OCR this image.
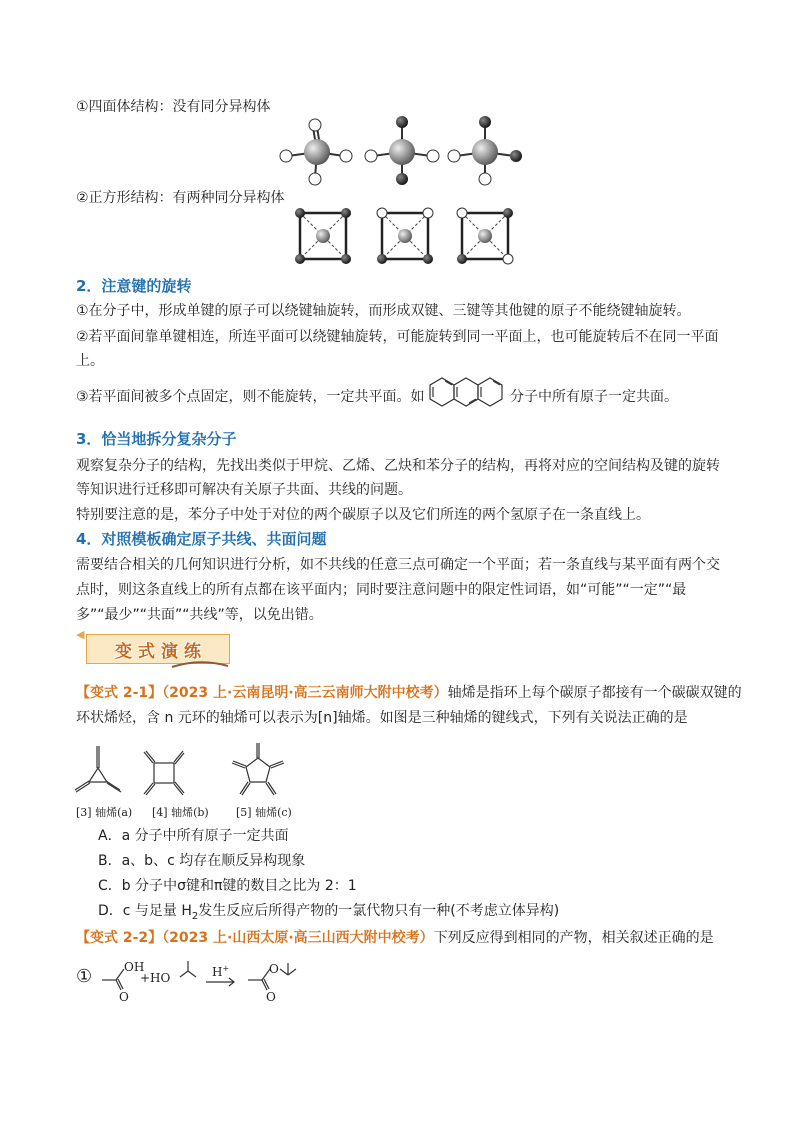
①四面体结构：没有同分异构体
②正方形结构：有两种同分异构体
2．注意键的旋转
①在分子中，形成单键的原子可以绕键轴旋转，而形成双键、三键等其他键的原子不能绕键轴旋转。
②若平面间靠单键相连，所连平面可以绕键轴旋转，可能旋转到同一平面上，也可能旋转后不在同一平面
上。
③若平面间被多个点固定，则不能旋转，一定共平面。如	分子中所有原子一定共面。
3．恰当地拆分复杂分子
观察复杂分子的结构，先找出类似于甲烷、乙烯、乙炔和苯分子的结构，再将对应的空间结构及键的旋转
等知识进行迁移即可解决有关原子共面、共线的问题。
特别要注意的是，苯分子中处于对位的两个碳原子以及它们所连的两个氢原子在一条直线上。
4．对照模板确定原子共线、共面问题
需要结合相关的几何知识进行分析，如不共线的任意三点可确定一个平面；若一条直线与某平面有两个交
点时，则这条直线上的所有点都在该平面内；同时要注意问题中的限定性词语，如“可能”“一定”“最
多”“最少”“共面”“共线”等，以免出错。
◀
变 式 演 练
【变式 2-1】（2023 上·云南昆明·高三云南师大附中校考）轴烯是指环上每个碳原子都接有一个碳碳双键的
环状烯烃，含 n 元环的轴烯可以表示为[n]轴烯。如图是三种轴烯的键线式，下列有关说法正确的是
[3] 轴烯(a) [4] 轴烯(b) [5] 轴烯(c)
A．a 分子中所有原子一定共面
B．a、b、c 均存在顺反异构现象
C．b 分子中σ键和π键的数目之比为 2：1
D．c 与足量 $H_2$发生反应后所得产物的一氯代物只有一种(不考虑立体异构)
【变式 2-2】（2023 上·山西太原·高三山西大附中校考）下列反应得到相同的产物，相关叙述正确的是
①	OH
O
+HO	H+	O
O
